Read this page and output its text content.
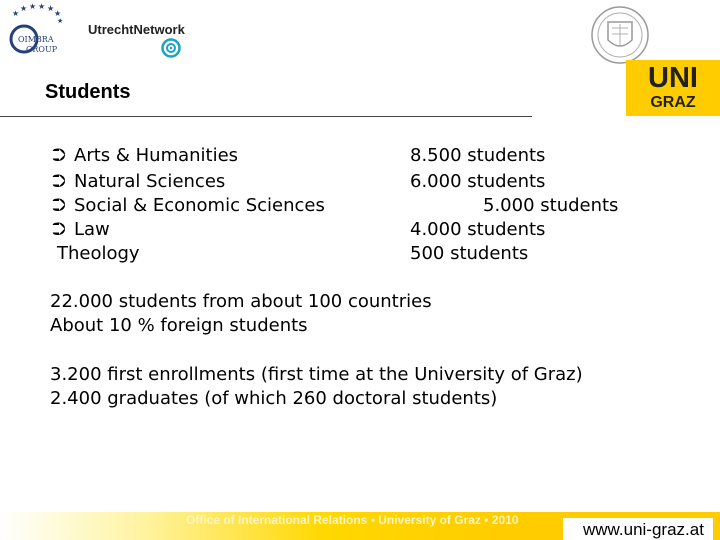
★
★ ★ ★ ★
★
★
OIMBRA
GROUP
UtrechtNetwork
UNI
GRAZ
Students
⮊ Arts & Humanities
⮊ Natural Sciences
⮊ Social & Economic Sciences
⮊ Law
Theology
8.500 students
6.000 students
5.000 students
4.000 students
500 students
22.000 students from about 100 countries
About 10 % foreign students
3.200 first enrollments (first time at the University of Graz)
2.400 graduates (of which 260 doctoral students)
Office of International Relations • University of Graz • 2010	www.uni-graz.at
